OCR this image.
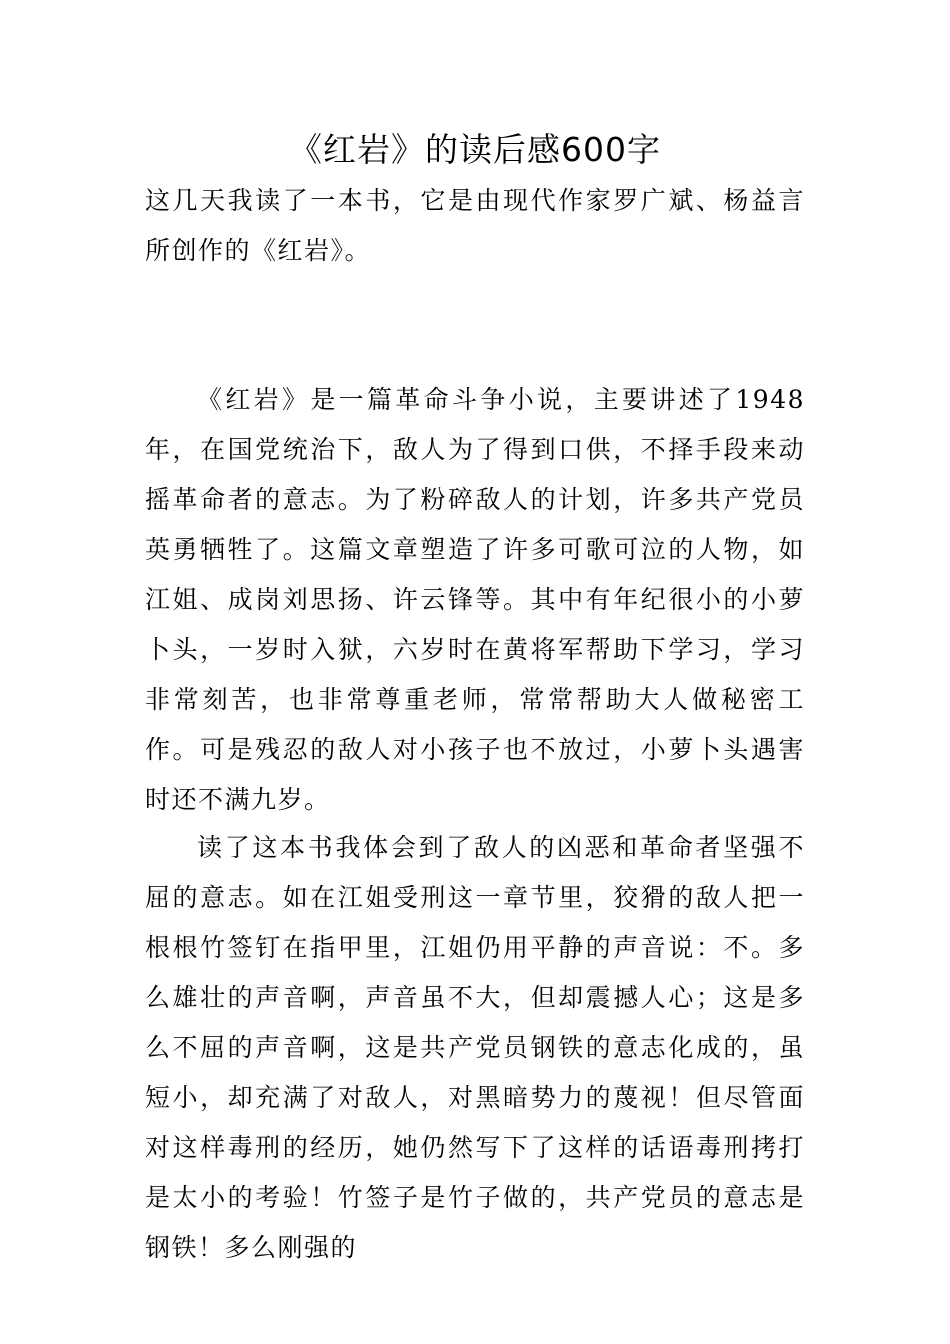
《红岩》的读后感600字

这几天我读了一本书，它是由现代作家罗广斌、杨益言所创作的《红岩》。

《红岩》是一篇革命斗争小说，主要讲述了1948年，在国党统治下，敌人为了得到口供，不择手段来动摇革命者的意志。为了粉碎敌人的计划，许多共产党员英勇牺牲了。这篇文章塑造了许多可歌可泣的人物，如江姐、成岗刘思扬、许云锋等。其中有年纪很小的小萝卜头，一岁时入狱，六岁时在黄将军帮助下学习，学习非常刻苦，也非常尊重老师，常常帮助大人做秘密工作。可是残忍的敌人对小孩子也不放过，小萝卜头遇害时还不满九岁。

读了这本书我体会到了敌人的凶恶和革命者坚强不屈的意志。如在江姐受刑这一章节里，狡猾的敌人把一根根竹签钉在指甲里，江姐仍用平静的声音说：不。多么雄壮的声音啊，声音虽不大，但却震撼人心；这是多么不屈的声音啊，这是共产党员钢铁的意志化成的，虽短小，却充满了对敌人，对黑暗势力的蔑视！但尽管面对这样毒刑的经历，她仍然写下了这样的话语毒刑拷打是太小的考验！竹签子是竹子做的，共产党员的意志是钢铁！多么刚强的
